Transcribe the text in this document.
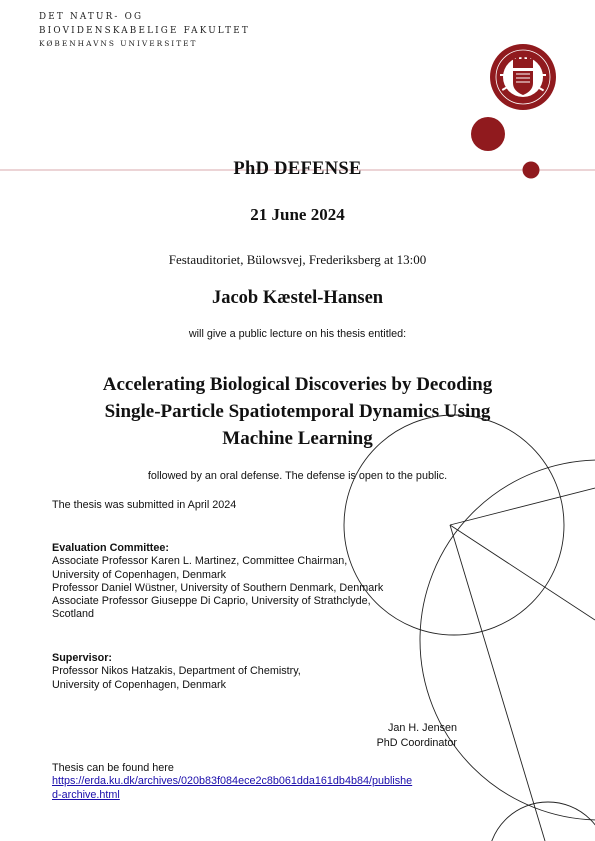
DET NATUR- OG
BIOVIDENSKABELIGE FAKULTET
KØBENHAVNS UNIVERSITET
PhD DEFENSE
21 June 2024
Festauditoriet, Bülowsvej, Frederiksberg at 13:00
Jacob Kæstel-Hansen
will give a public lecture on his thesis entitled:
Accelerating Biological Discoveries by Decoding
Single-Particle Spatiotemporal Dynamics Using
Machine Learning
followed by an oral defense. The defense is open to the public.
The thesis was submitted in April 2024
Evaluation Committee:
Associate Professor Karen L. Martinez, Committee Chairman,
University of Copenhagen, Denmark
Professor Daniel Wüstner, University of Southern Denmark, Denmark
Associate Professor Giuseppe Di Caprio, University of Strathclyde,
Scotland
Supervisor:
Professor Nikos Hatzakis, Department of Chemistry,
University of Copenhagen, Denmark
Jan H. Jensen
PhD Coordinator
Thesis can be found here
https://erda.ku.dk/archives/020b83f084ece2c8b061dda161db4b84/publishe
d-archive.html
